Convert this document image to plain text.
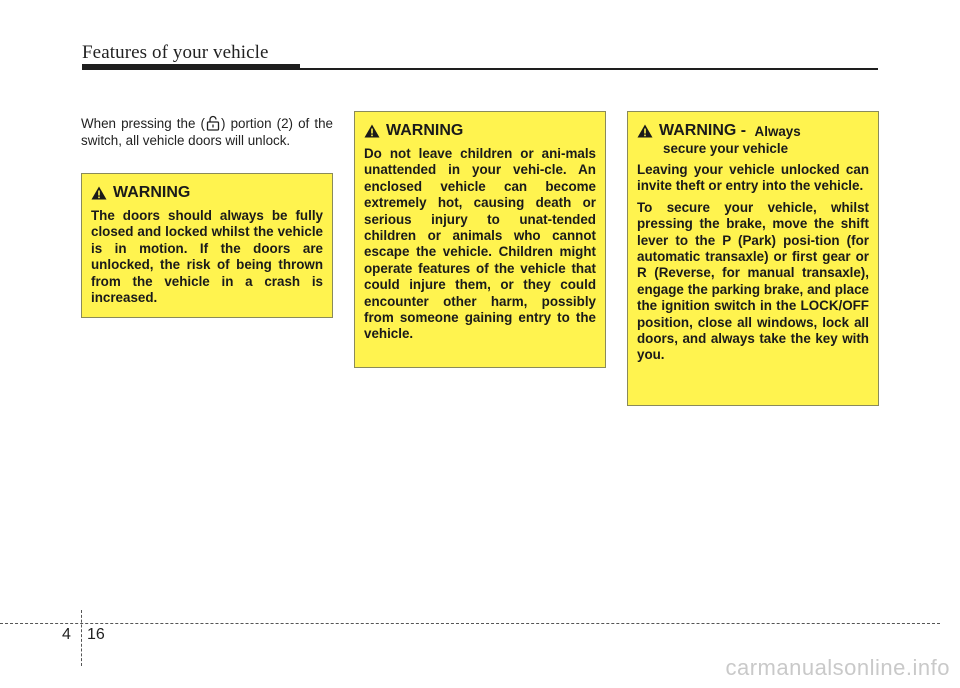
Features of your vehicle
When pressing the ( ) portion (2) of the switch, all vehicle doors will unlock.
WARNING

The doors should always be fully closed and locked whilst the vehicle is in motion. If the doors are unlocked, the risk of being thrown from the vehicle in a crash is increased.

WARNING

Do not leave children or ani-mals unattended in your vehi-cle. An enclosed vehicle can become extremely hot, causing death or serious injury to unat-tended children or animals who cannot escape the vehicle. Children might operate features of the vehicle that could injure them, or they could encounter other harm, possibly from someone gaining entry to the vehicle.

WARNING - Always
secure your vehicle

Leaving your vehicle unlocked can invite theft or entry into the vehicle.

To secure your vehicle, whilst pressing the brake, move the shift lever to the P (Park) posi-tion (for automatic transaxle) or first gear or R (Reverse, for manual transaxle), engage the parking brake, and place the ignition switch in the LOCK/OFF position, close all windows, lock all doors, and always take the key with you.

4 16
carmanualsonline.info
